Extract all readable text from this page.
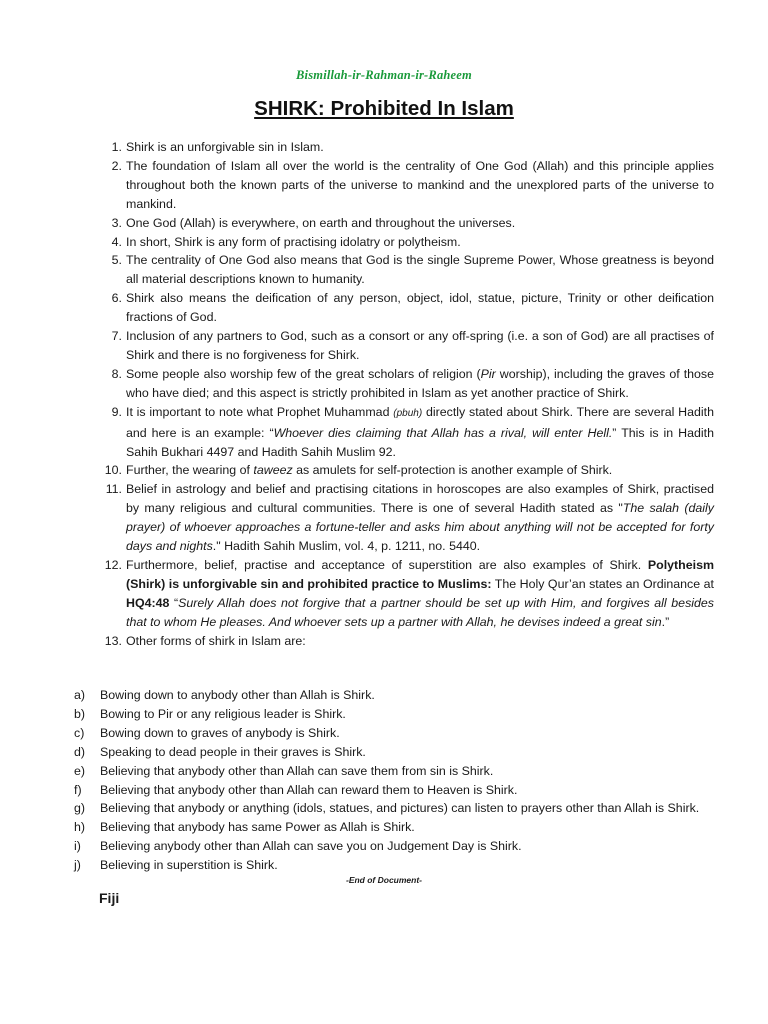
Bismillah-ir-Rahman-ir-Raheem
SHIRK: Prohibited In Islam
1. Shirk is an unforgivable sin in Islam.
2. The foundation of Islam all over the world is the centrality of One God (Allah) and this principle applies throughout both the known parts of the universe to mankind and the unexplored parts of the universe to mankind.
3. One God (Allah) is everywhere, on earth and throughout the universes.
4. In short, Shirk is any form of practising idolatry or polytheism.
5. The centrality of One God also means that God is the single Supreme Power, Whose greatness is beyond all material descriptions known to humanity.
6. Shirk also means the deification of any person, object, idol, statue, picture, Trinity or other deification fractions of God.
7. Inclusion of any partners to God, such as a consort or any off-spring (i.e. a son of God) are all practises of Shirk and there is no forgiveness for Shirk.
8. Some people also worship few of the great scholars of religion (Pir worship), including the graves of those who have died; and this aspect is strictly prohibited in Islam as yet another practice of Shirk.
9. It is important to note what Prophet Muhammad (pbuh) directly stated about Shirk. There are several Hadith and here is an example: “Whoever dies claiming that Allah has a rival, will enter Hell.” This is in Hadith Sahih Bukhari 4497 and Hadith Sahih Muslim 92.
10. Further, the wearing of taweez as amulets for self-protection is another example of Shirk.
11. Belief in astrology and belief and practising citations in horoscopes are also examples of Shirk, practised by many religious and cultural communities. There is one of several Hadith stated as "The salah (daily prayer) of whoever approaches a fortune-teller and asks him about anything will not be accepted for forty days and nights." Hadith Sahih Muslim, vol. 4, p. 1211, no. 5440.
12. Furthermore, belief, practise and acceptance of superstition are also examples of Shirk. Polytheism (Shirk) is unforgivable sin and prohibited practice to Muslims: The Holy Qur’an states an Ordinance at HQ4:48 “Surely Allah does not forgive that a partner should be set up with Him, and forgives all besides that to whom He pleases. And whoever sets up a partner with Allah, he devises indeed a great sin.”
13. Other forms of shirk in Islam are:
a) Bowing down to anybody other than Allah is Shirk.
b) Bowing to Pir or any religious leader is Shirk.
c) Bowing down to graves of anybody is Shirk.
d) Speaking to dead people in their graves is Shirk.
e) Believing that anybody other than Allah can save them from sin is Shirk.
f) Believing that anybody other than Allah can reward them to Heaven is Shirk.
g) Believing that anybody or anything (idols, statues, and pictures) can listen to prayers other than Allah is Shirk.
h) Believing that anybody has same Power as Allah is Shirk.
i) Believing anybody other than Allah can save you on Judgement Day is Shirk.
j) Believing in superstition is Shirk.
-End of Document-
Fiji
